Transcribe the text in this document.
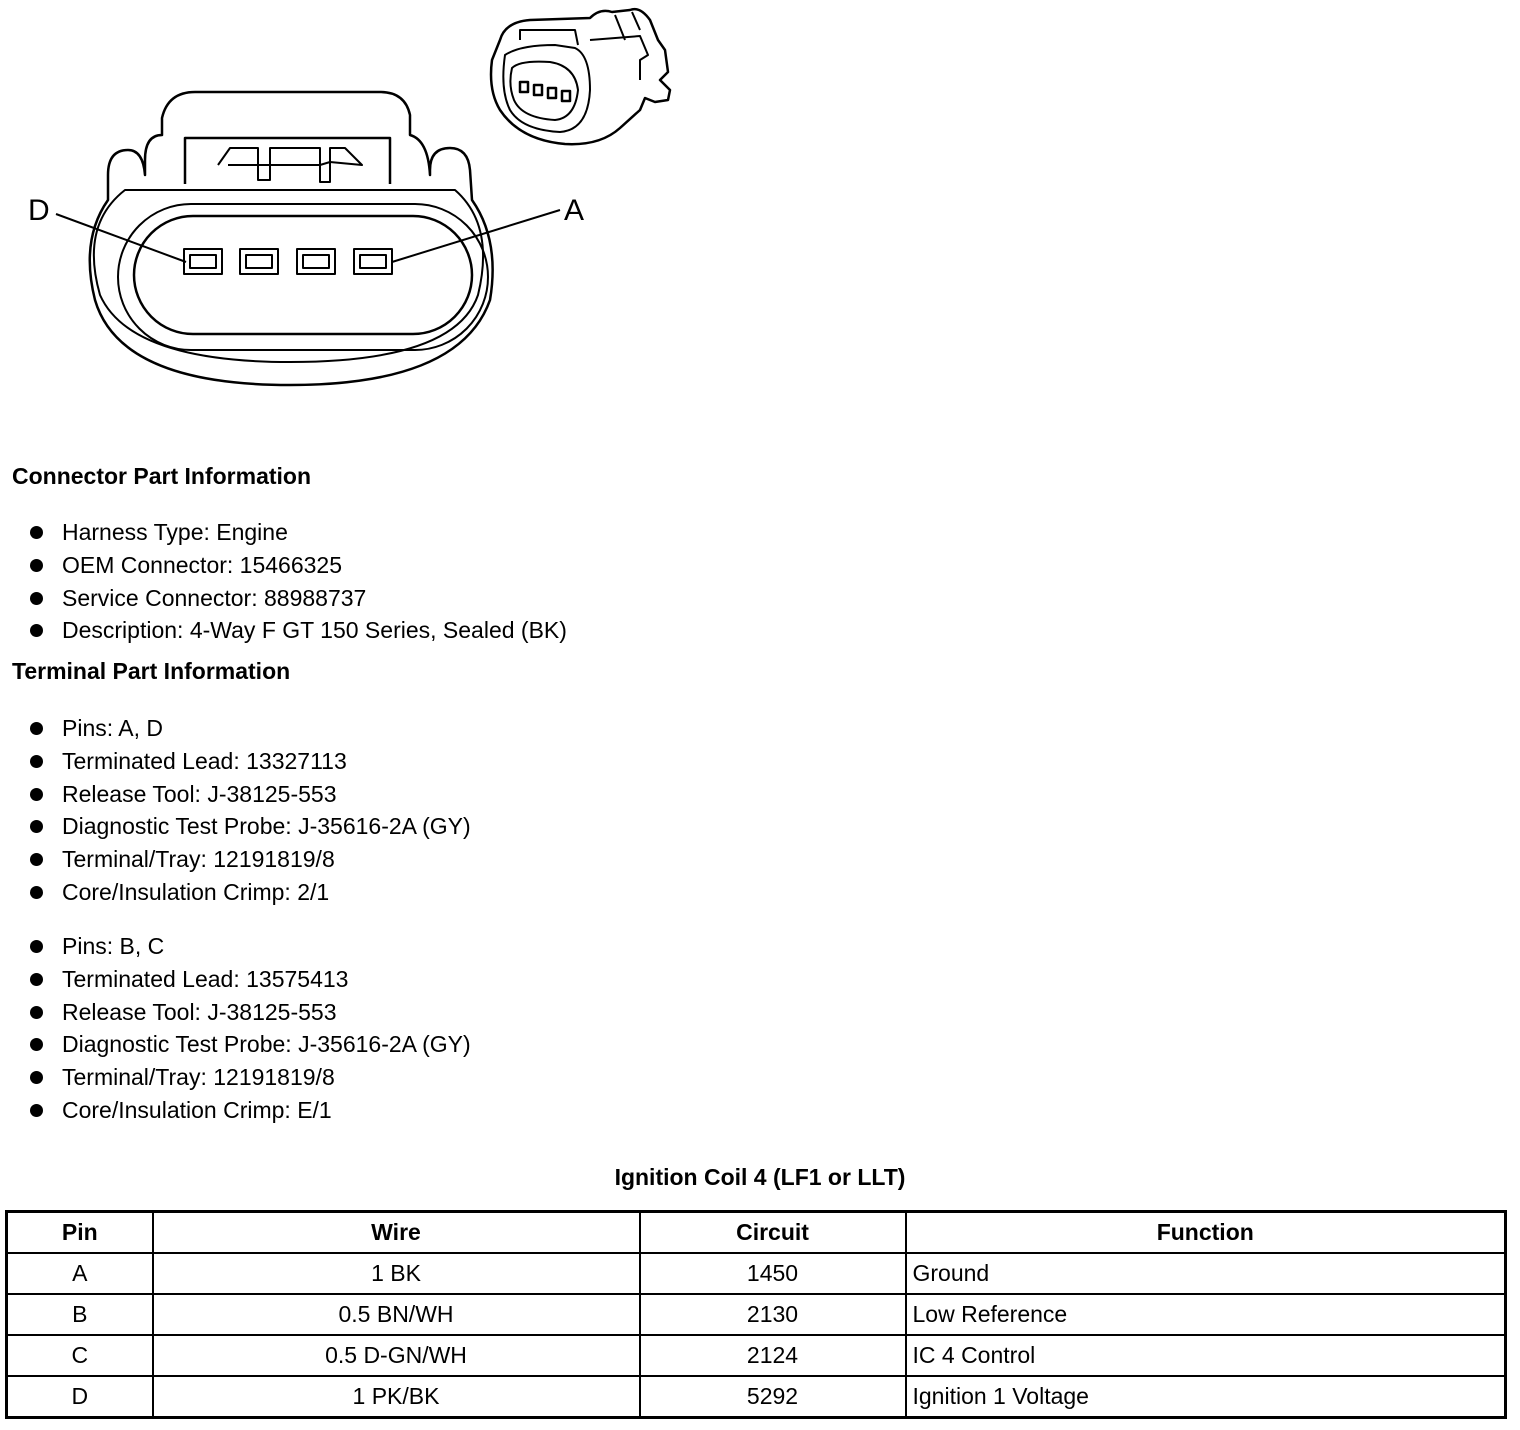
D	A
Connector Part Information
Harness Type: Engine
OEM Connector: 15466325
Service Connector: 88988737
Description: 4-Way F GT 150 Series, Sealed (BK)
Terminal Part Information
Pins: A, D
Terminated Lead: 13327113
Release Tool: J-38125-553
Diagnostic Test Probe: J-35616-2A (GY)
Terminal/Tray: 12191819/8
Core/Insulation Crimp: 2/1
Pins: B, C
Terminated Lead: 13575413
Release Tool: J-38125-553
Diagnostic Test Probe: J-35616-2A (GY)
Terminal/Tray: 12191819/8
Core/Insulation Crimp: E/1
Ignition Coil 4 (LF1 or LLT)
Pin	Wire	Circuit	Function
A	1 BK	1450	Ground
B	0.5 BN/WH	2130	Low Reference
C	0.5 D-GN/WH	2124	IC 4 Control
D	1 PK/BK	5292	Ignition 1 Voltage
